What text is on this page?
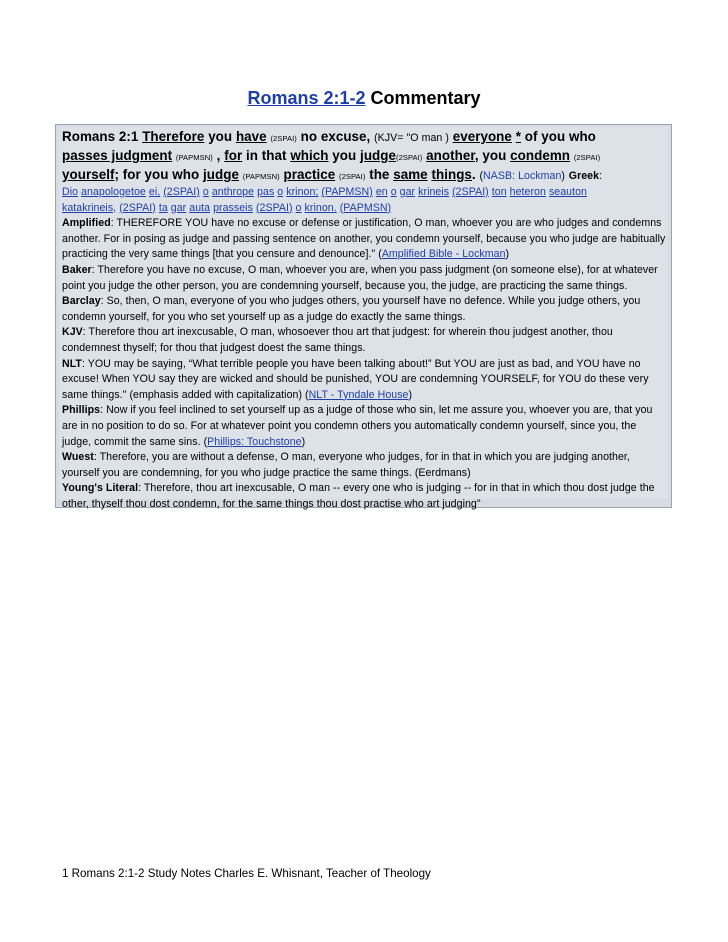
Romans 2:1-2 Commentary
Romans 2:1 Therefore you have (2SPAI) no excuse, (KJV= "O man ) everyone * of you who
passes judgment (PAPMSN) , for in that which you judge(2SPAI) another, you condemn (2SPAI)
yourself; for you who judge (PAPMSN) practice (2SPAI) the same things. (NASB: Lockman) Greek:
Dio anapologetoe ei, (2SPAI) o anthrope pas o krinon; (PAPMSN) en o gar krineis (2SPAI) ton heteron seauton
katakrineis, (2SPAI) ta gar auta prasseis (2SPAI) o krinon. (PAPMSN)
Amplified: THEREFORE YOU have no excuse or defense or justification, O man, whoever you are who judges and condemns another. For in posing as judge and passing sentence on another, you condemn yourself, because you who judge are habitually practicing the very same things [that you censure and denounce]." (Amplified Bible - Lockman)
Baker: Therefore you have no excuse, O man, whoever you are, when you pass judgment (on someone else), for at whatever point you judge the other person, you are condemning yourself, because you, the judge, are practicing the same things.
Barclay: So, then, O man, everyone of you who judges others, you yourself have no defence. While you judge others, you condemn yourself, for you who set yourself up as a judge do exactly the same things.
KJV: Therefore thou art inexcusable, O man, whosoever thou art that judgest: for wherein thou judgest another, thou condemnest thyself; for thou that judgest doest the same things.
NLT: YOU may be saying, “What terrible people you have been talking about!” But YOU are just as bad, and YOU have no excuse! When YOU say they are wicked and should be punished, YOU are condemning YOURSELF, for YOU do these very same things." (emphasis added with capitalization) (NLT - Tyndale House)
Phillips: Now if you feel inclined to set yourself up as a judge of those who sin, let me assure you, whoever you are, that you are in no position to do so. For at whatever point you condemn others you automatically condemn yourself, since you, the judge, commit the same sins. (Phillips: Touchstone)
Wuest: Therefore, you are without a defense, O man, everyone who judges, for in that in which you are judging another, yourself you are condemning, for you who judge practice the same things. (Eerdmans)
Young's Literal: Therefore, thou art inexcusable, O man -- every one who is judging -- for in that in which thou dost judge the other, thyself thou dost condemn, for the same things thou dost practise who art judging"
1 Romans 2:1-2 Study Notes Charles E. Whisnant, Teacher of Theology
